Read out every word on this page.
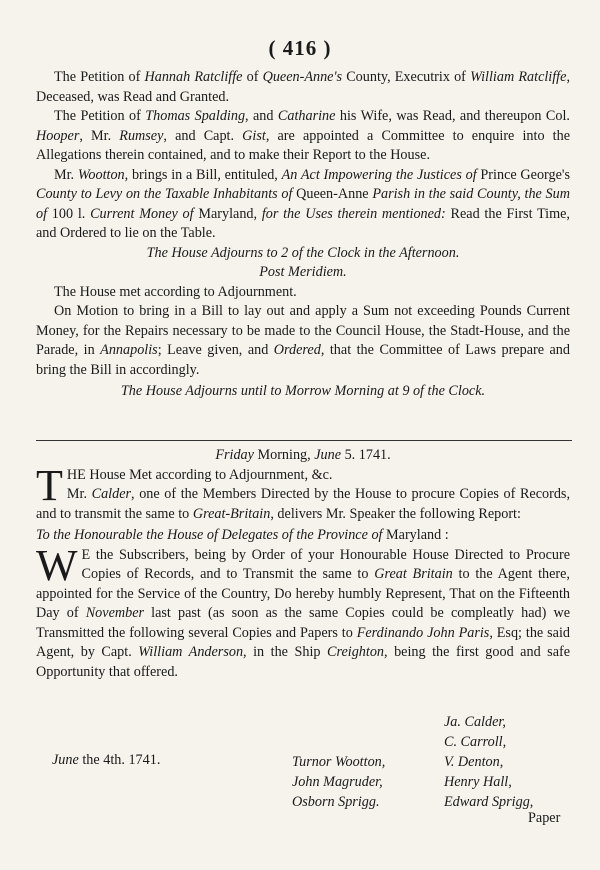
( 416 )

The Petition of Hannah Ratcliffe of Queen-Anne's County, Executrix of William Ratcliffe, Deceased, was Read and Granted.

The Petition of Thomas Spalding, and Catharine his Wife, was Read, and thereupon Col. Hooper, Mr. Rumsey, and Capt. Gist, are appointed a Committee to enquire into the Allegations therein contained, and to make their Report to the House.

Mr. Wootton, brings in a Bill, entituled, An Act Impowering the Justices of Prince George's County to Levy on the Taxable Inhabitants of Queen-Anne Parish in the said County, the Sum of 100 l. Current Money of Maryland, for the Uses therein mentioned: Read the First Time, and Ordered to lie on the Table.

The House Adjourns to 2 of the Clock in the Afternoon.

Post Meridiem.

The House met according to Adjournment.

On Motion to bring in a Bill to lay out and apply a Sum not exceeding Pounds Current Money, for the Repairs necessary to be made to the Council House, the Stadt-House, and the Parade, in Annapolis; Leave given, and Ordered, that the Committee of Laws prepare and bring the Bill in accordingly.

The House Adjourns until to Morrow Morning at 9 of the Clock.

Friday Morning, June 5. 1741.

T HE House Met according to Adjournment, &c.
Mr. Calder, one of the Members Directed by the House to procure Copies of Records, and to transmit the same to Great-Britain, delivers Mr. Speaker the following Report:

To the Honourable the House of Delegates of the Province of Maryland :

W E the Subscribers, being by Order of your Honourable House Directed to Procure Copies of Records, and to Transmit the same to Great Britain to the Agent there, appointed for the Service of the Country, Do hereby humbly Represent, That on the Fifteenth Day of November last past (as soon as the same Copies could be compleatly had) we Transmitted the following several Copies and Papers to Ferdinando John Paris, Esq; the said Agent, by Capt. William Anderson, in the Ship Creighton, being the first good and safe Opportunity that offered.
June the 4th. 1741.	Turnor Wootton,
John Magruder,
Osborn Sprigg.
Ja. Calder,
C. Carroll,
V. Denton,
Henry Hall,
Edward Sprigg,
Paper
